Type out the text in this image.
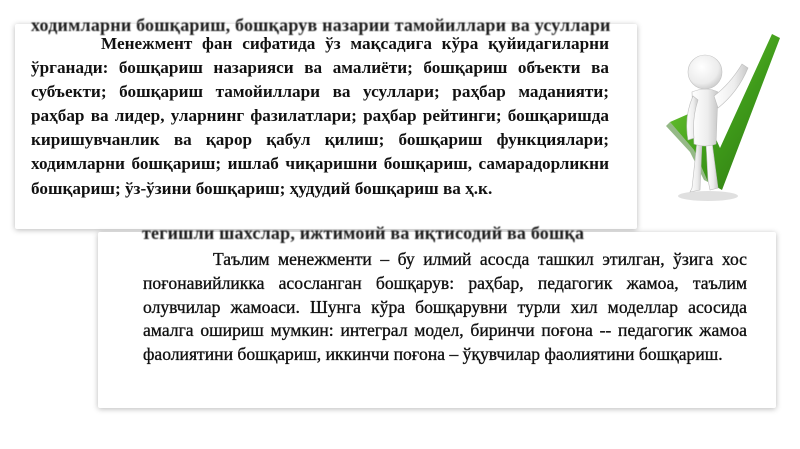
ходимларни бошқариш, бошқарув назарии тамойиллари ва усуллари

Менежмент фан сифатида ўз мақсадига кўра қуйидагиларни ўрганади: бошқариш назарияси ва амалиёти; бошқариш объекти ва субъекти; бошқариш тамойиллари ва усуллари; раҳбар маданияти; раҳбар ва лидер, уларнинг фазилатлари; раҳбар рейтинги; бошқаришда киришувчанлик ва қарор қабул қилиш; бошқариш функциялари; ходимларни бошқариш; ишлаб чиқаришни бошқариш, самарадорликни бошқариш; ўз-ўзини бошқариш; ҳудудий бошқариш ва ҳ.к.

тегишли шахслар, ижтимоий ва иқтисодий ва бошқа

Таълим менежменти – бу илмий асосда ташкил этилган, ўзига хос поғонавийликка асосланган бошқарув: раҳбар, педагогик жамоа, таълим олувчилар жамоаси. Шунга кўра бошқарувни турли хил моделлар асосида амалга ошириш мумкин: интеграл модел, биринчи поғона -- педагогик жамоа фаолиятини бошқариш, иккинчи поғона – ўқувчилар фаолиятини бошқариш.
